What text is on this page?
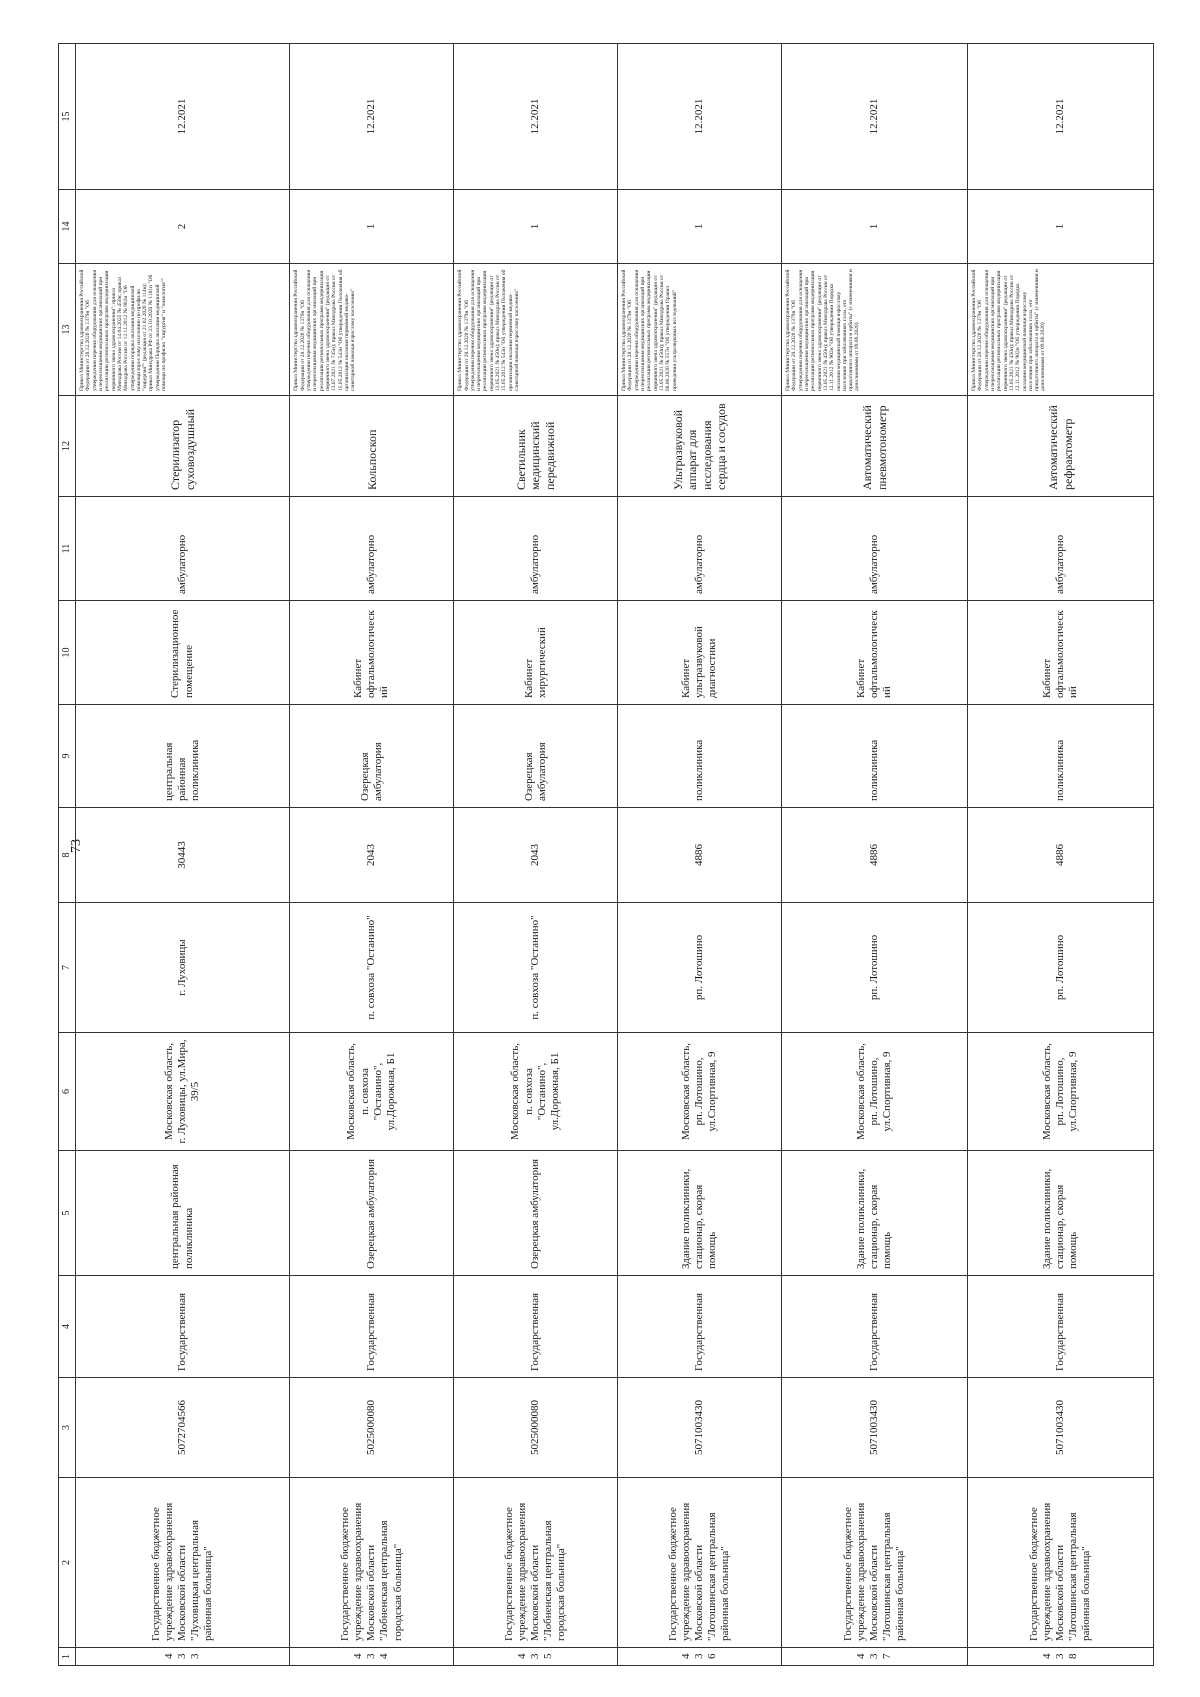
73
1	2	3	4	5	6	7	8	9	10	11	12	13	14	15
433	Государственное бюджетное учреждение здравоохранения Московской области "Луховицкая центральная районная больница"	5072704566	Государственная	центральная районная поликлиника	Московская область, г. Луховицы, ул.Мира, 39/5	г. Луховицы	30443	центральная районная поликлиника	Стерилизационное помещение	амбулаторно	Стерилизатор суховоздушный	Приказ Министерства здравоохранения Российской Федерации от 28.12.2020 № 1379н "Об утверждении перечня оборудования для оснащения и переоснащения медицинских организаций при реализации региональных программ модернизации первичного звена здравоохранения"; приказ Минздрава России от 14.04.2025 № 450н; приказ Минздрава России от 12.11.2012 № 902н "Об утверждении порядка оказания медицинской помощи взрослому населению по профилю "хирургия"" (редакция от 21.02.2020 № 114н); приказ Минздрава РФ от 23.10.2020 № 1181н "Об утверждении Порядка оказания медицинской помощи по профилю "хирургия" и "онкология""	2	12.2021
434	Государственное бюджетное учреждение здравоохранения Московской области "Лобненская центральная городская больница"	5025000080	Государственная	Озерецкая амбулатория	Московская область, п. совхоза "Останино", ул.Дорожная, Б1	п. совхоза "Останино"	2043	Озерецкая амбулатория	Кабинет офтальмологический	амбулаторно	Кольпоскоп	Приказ Министерства здравоохранения Российской Федерации от 28.12.2020 № 1379н "Об утверждении перечня оборудования для оснащения и переоснащения медицинских организаций при реализации региональных программ модернизации первичного звена здравоохранения" (редакция от 13.07.2021 № 745н); приказ Минздрава России от 15.05.2012 № 543н "Об утверждении Положения об организации оказания первичной медико-санитарной помощи взрослому населению"	1	12.2021
435	Государственное бюджетное учреждение здравоохранения Московской области "Лобненская центральная городская больница"	5025000080	Государственная	Озерецкая амбулатория	Московская область, п. совхоза "Останино", ул.Дорожная, Б1	п. совхоза "Останино"	2043	Озерецкая амбулатория	Кабинет хирургический	амбулаторно	Светильник медицинский передвижной	Приказ Министерства здравоохранения Российской Федерации от 28.12.2020 № 1379н "Об утверждении перечня оборудования для оснащения и переоснащения медицинских организаций при реализации региональных программ модернизации первичного звена здравоохранения" (редакция от 13.05.2021 № 450н); приказ Минздрава России от 15.05.2012 № 543н "Об утверждении Положения об организации оказания первичной медико-санитарной помощи взрослому населению"	1	12.2021
436	Государственное бюджетное учреждение здравоохранения Московской области "Лотошинская центральная районная больница"	5071003430	Государственная	Здание поликлиники, стационар, скорая помощь	Московская область, рп. Лотошино, ул.Спортивная, 9	рп. Лотошино	4886	поликлиника	Кабинет ультразвуковой диагностики	амбулаторно	Ультразвуковой аппарат для исследования сердца и сосудов	Приказ Министерства здравоохранения Российской Федерации от 28.12.2020 № 1379н "Об утверждении перечня оборудования для оснащения и переоснащения медицинских организаций при реализации региональных программ модернизации первичного звена здравоохранения" (редакция от 13.05.2021 № 450н); приказ Минздрава России от 08.06.2020 № 557н "Об утверждении Правил проведения ультразвуковых исследований"	1	12.2021
437	Государственное бюджетное учреждение здравоохранения Московской области "Лотошинская центральная районная больница"	5071003430	Государственная	Здание поликлиники, стационар, скорая помощь	Московская область, рп. Лотошино, ул.Спортивная, 9	рп. Лотошино	4886	поликлиника	Кабинет офтальмологический	амбулаторно	Автоматический пневмотонометр	Приказ Министерства здравоохранения Российской Федерации от 28.12.2020 № 1379н "Об утверждении перечня оборудования для оснащения и переоснащения медицинских организаций при реализации региональных программ модернизации первичного звена здравоохранения" (редакция от 13.05.2021 № 450н); приказ Минздрава России от 12.11.2012 № 902н "Об утверждении Порядка оказания медицинской помощи взрослому населению при заболеваниях глаза, его придаточного аппарата и орбиты" (с изменениями и дополнениями от 09.06.2020)	1	12.2021
438	Государственное бюджетное учреждение здравоохранения Московской области "Лотошинская центральная районная больница"	5071003430	Государственная	Здание поликлиники, стационар, скорая помощь	Московская область, рп. Лотошино, ул.Спортивная, 9	рп. Лотошино	4886	поликлиника	Кабинет офтальмологический	амбулаторно	Автоматический рефрактометр	Приказ Министерства здравоохранения Российской Федерации от 28.12.2020 № 1379н "Об утверждении перечня оборудования для оснащения и переоснащения медицинских организаций при реализации региональных программ модернизации первичного звена здравоохранения" (редакция от 13.05.2021 № 450н); приказ Минздрава России от 12.11.2012 № 902н "Об утверждении Порядка оказания медицинской помощи взрослому населению при заболеваниях глаза, его придаточного аппарата и орбиты" (с изменениями и дополнениями от 09.06.2020)	1	12.2021
